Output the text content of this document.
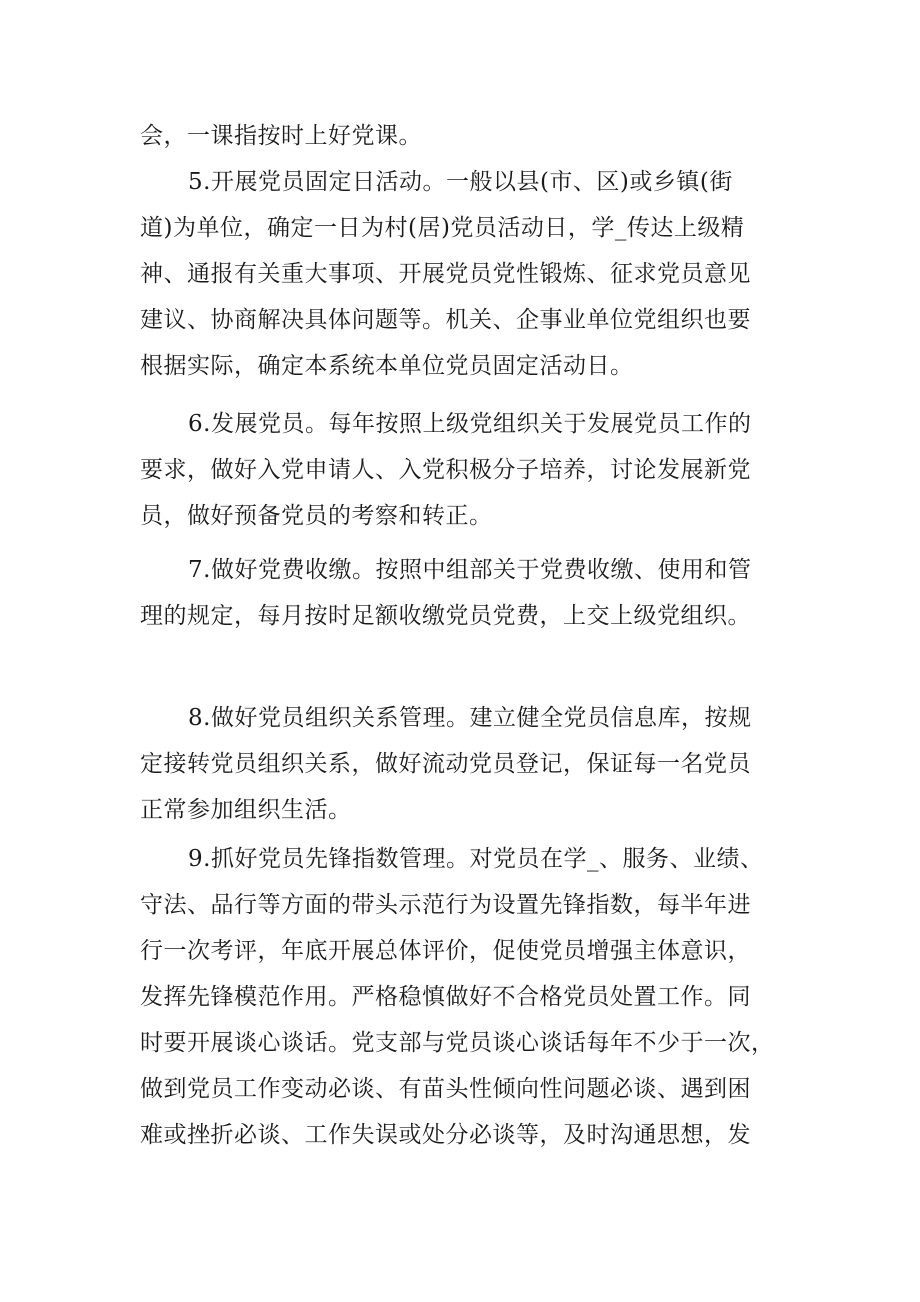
会，一课指按时上好党课。
5.开展党员固定日活动。一般以县(市、区)或乡镇(街
道)为单位，确定一日为村(居)党员活动日，学_传达上级精
神、通报有关重大事项、开展党员党性锻炼、征求党员意见
建议、协商解决具体问题等。机关、企事业单位党组织也要
根据实际，确定本系统本单位党员固定活动日。
6.发展党员。每年按照上级党组织关于发展党员工作的
要求，做好入党申请人、入党积极分子培养，讨论发展新党
员，做好预备党员的考察和转正。
7.做好党费收缴。按照中组部关于党费收缴、使用和管
理的规定，每月按时足额收缴党员党费，上交上级党组织。
8.做好党员组织关系管理。建立健全党员信息库，按规
定接转党员组织关系，做好流动党员登记，保证每一名党员
正常参加组织生活。
9.抓好党员先锋指数管理。对党员在学_、服务、业绩、
守法、品行等方面的带头示范行为设置先锋指数，每半年进
行一次考评，年底开展总体评价，促使党员增强主体意识，
发挥先锋模范作用。严格稳慎做好不合格党员处置工作。同
时要开展谈心谈话。党支部与党员谈心谈话每年不少于一次，
做到党员工作变动必谈、有苗头性倾向性问题必谈、遇到困
难或挫折必谈、工作失误或处分必谈等，及时沟通思想，发
